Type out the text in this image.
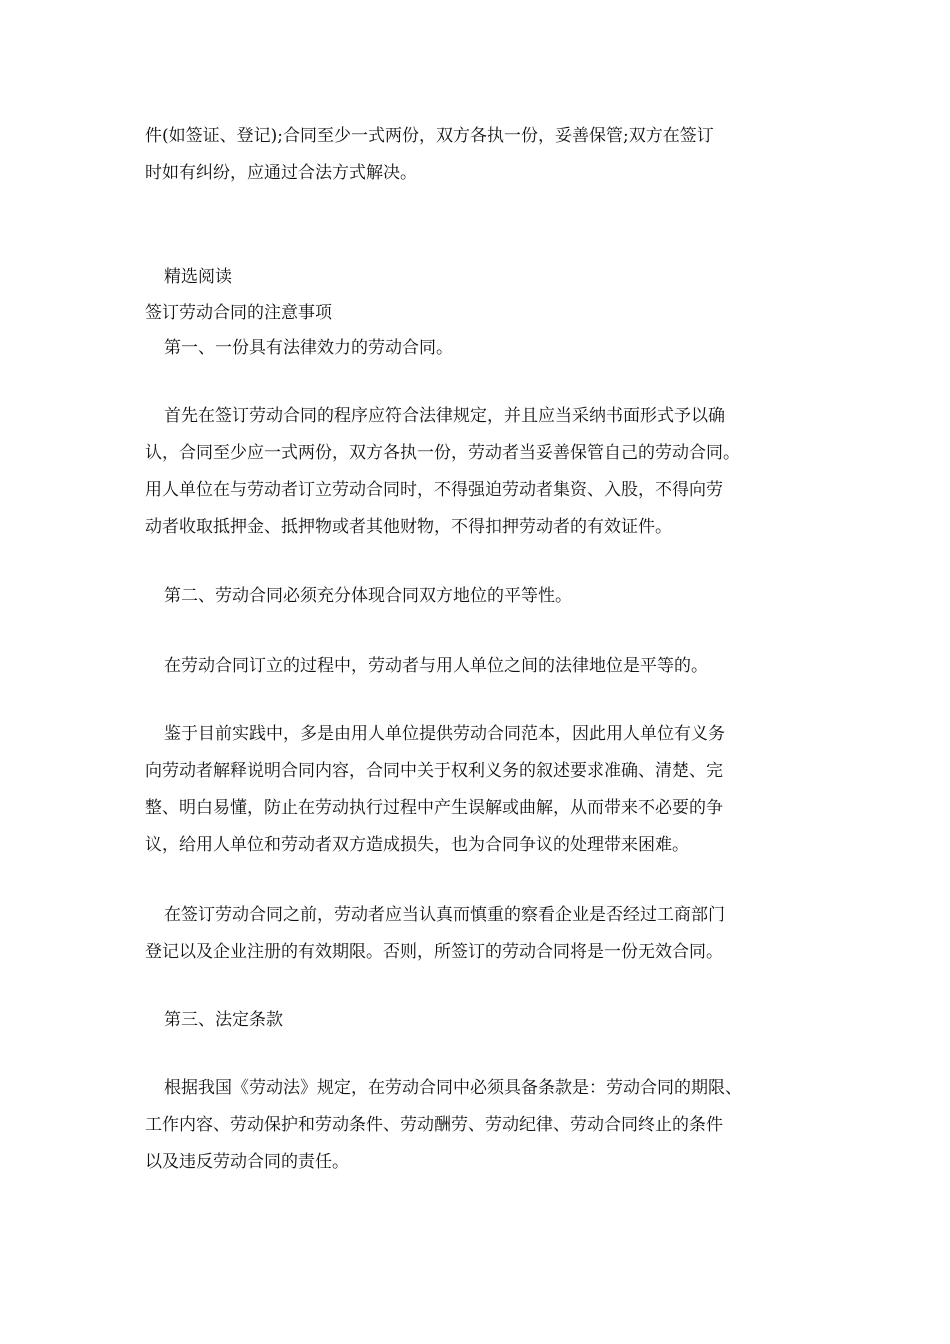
件(如签证、登记);合同至少一式两份，双方各执一份，妥善保管;双方在签订
时如有纠纷，应通过合法方式解决。
精选阅读
签订劳动合同的注意事项
第一、一份具有法律效力的劳动合同。
首先在签订劳动合同的程序应符合法律规定，并且应当采纳书面形式予以确
认，合同至少应一式两份，双方各执一份，劳动者当妥善保管自己的劳动合同。
用人单位在与劳动者订立劳动合同时，不得强迫劳动者集资、入股，不得向劳
动者收取抵押金、抵押物或者其他财物，不得扣押劳动者的有效证件。
第二、劳动合同必须充分体现合同双方地位的平等性。
在劳动合同订立的过程中，劳动者与用人单位之间的法律地位是平等的。
鉴于目前实践中，多是由用人单位提供劳动合同范本，因此用人单位有义务
向劳动者解释说明合同内容，合同中关于权利义务的叙述要求准确、清楚、完
整、明白易懂，防止在劳动执行过程中产生误解或曲解，从而带来不必要的争
议，给用人单位和劳动者双方造成损失，也为合同争议的处理带来困难。
在签订劳动合同之前，劳动者应当认真而慎重的察看企业是否经过工商部门
登记以及企业注册的有效期限。否则，所签订的劳动合同将是一份无效合同。
第三、法定条款
根据我国《劳动法》规定，在劳动合同中必须具备条款是：劳动合同的期限、
工作内容、劳动保护和劳动条件、劳动酬劳、劳动纪律、劳动合同终止的条件
以及违反劳动合同的责任。
